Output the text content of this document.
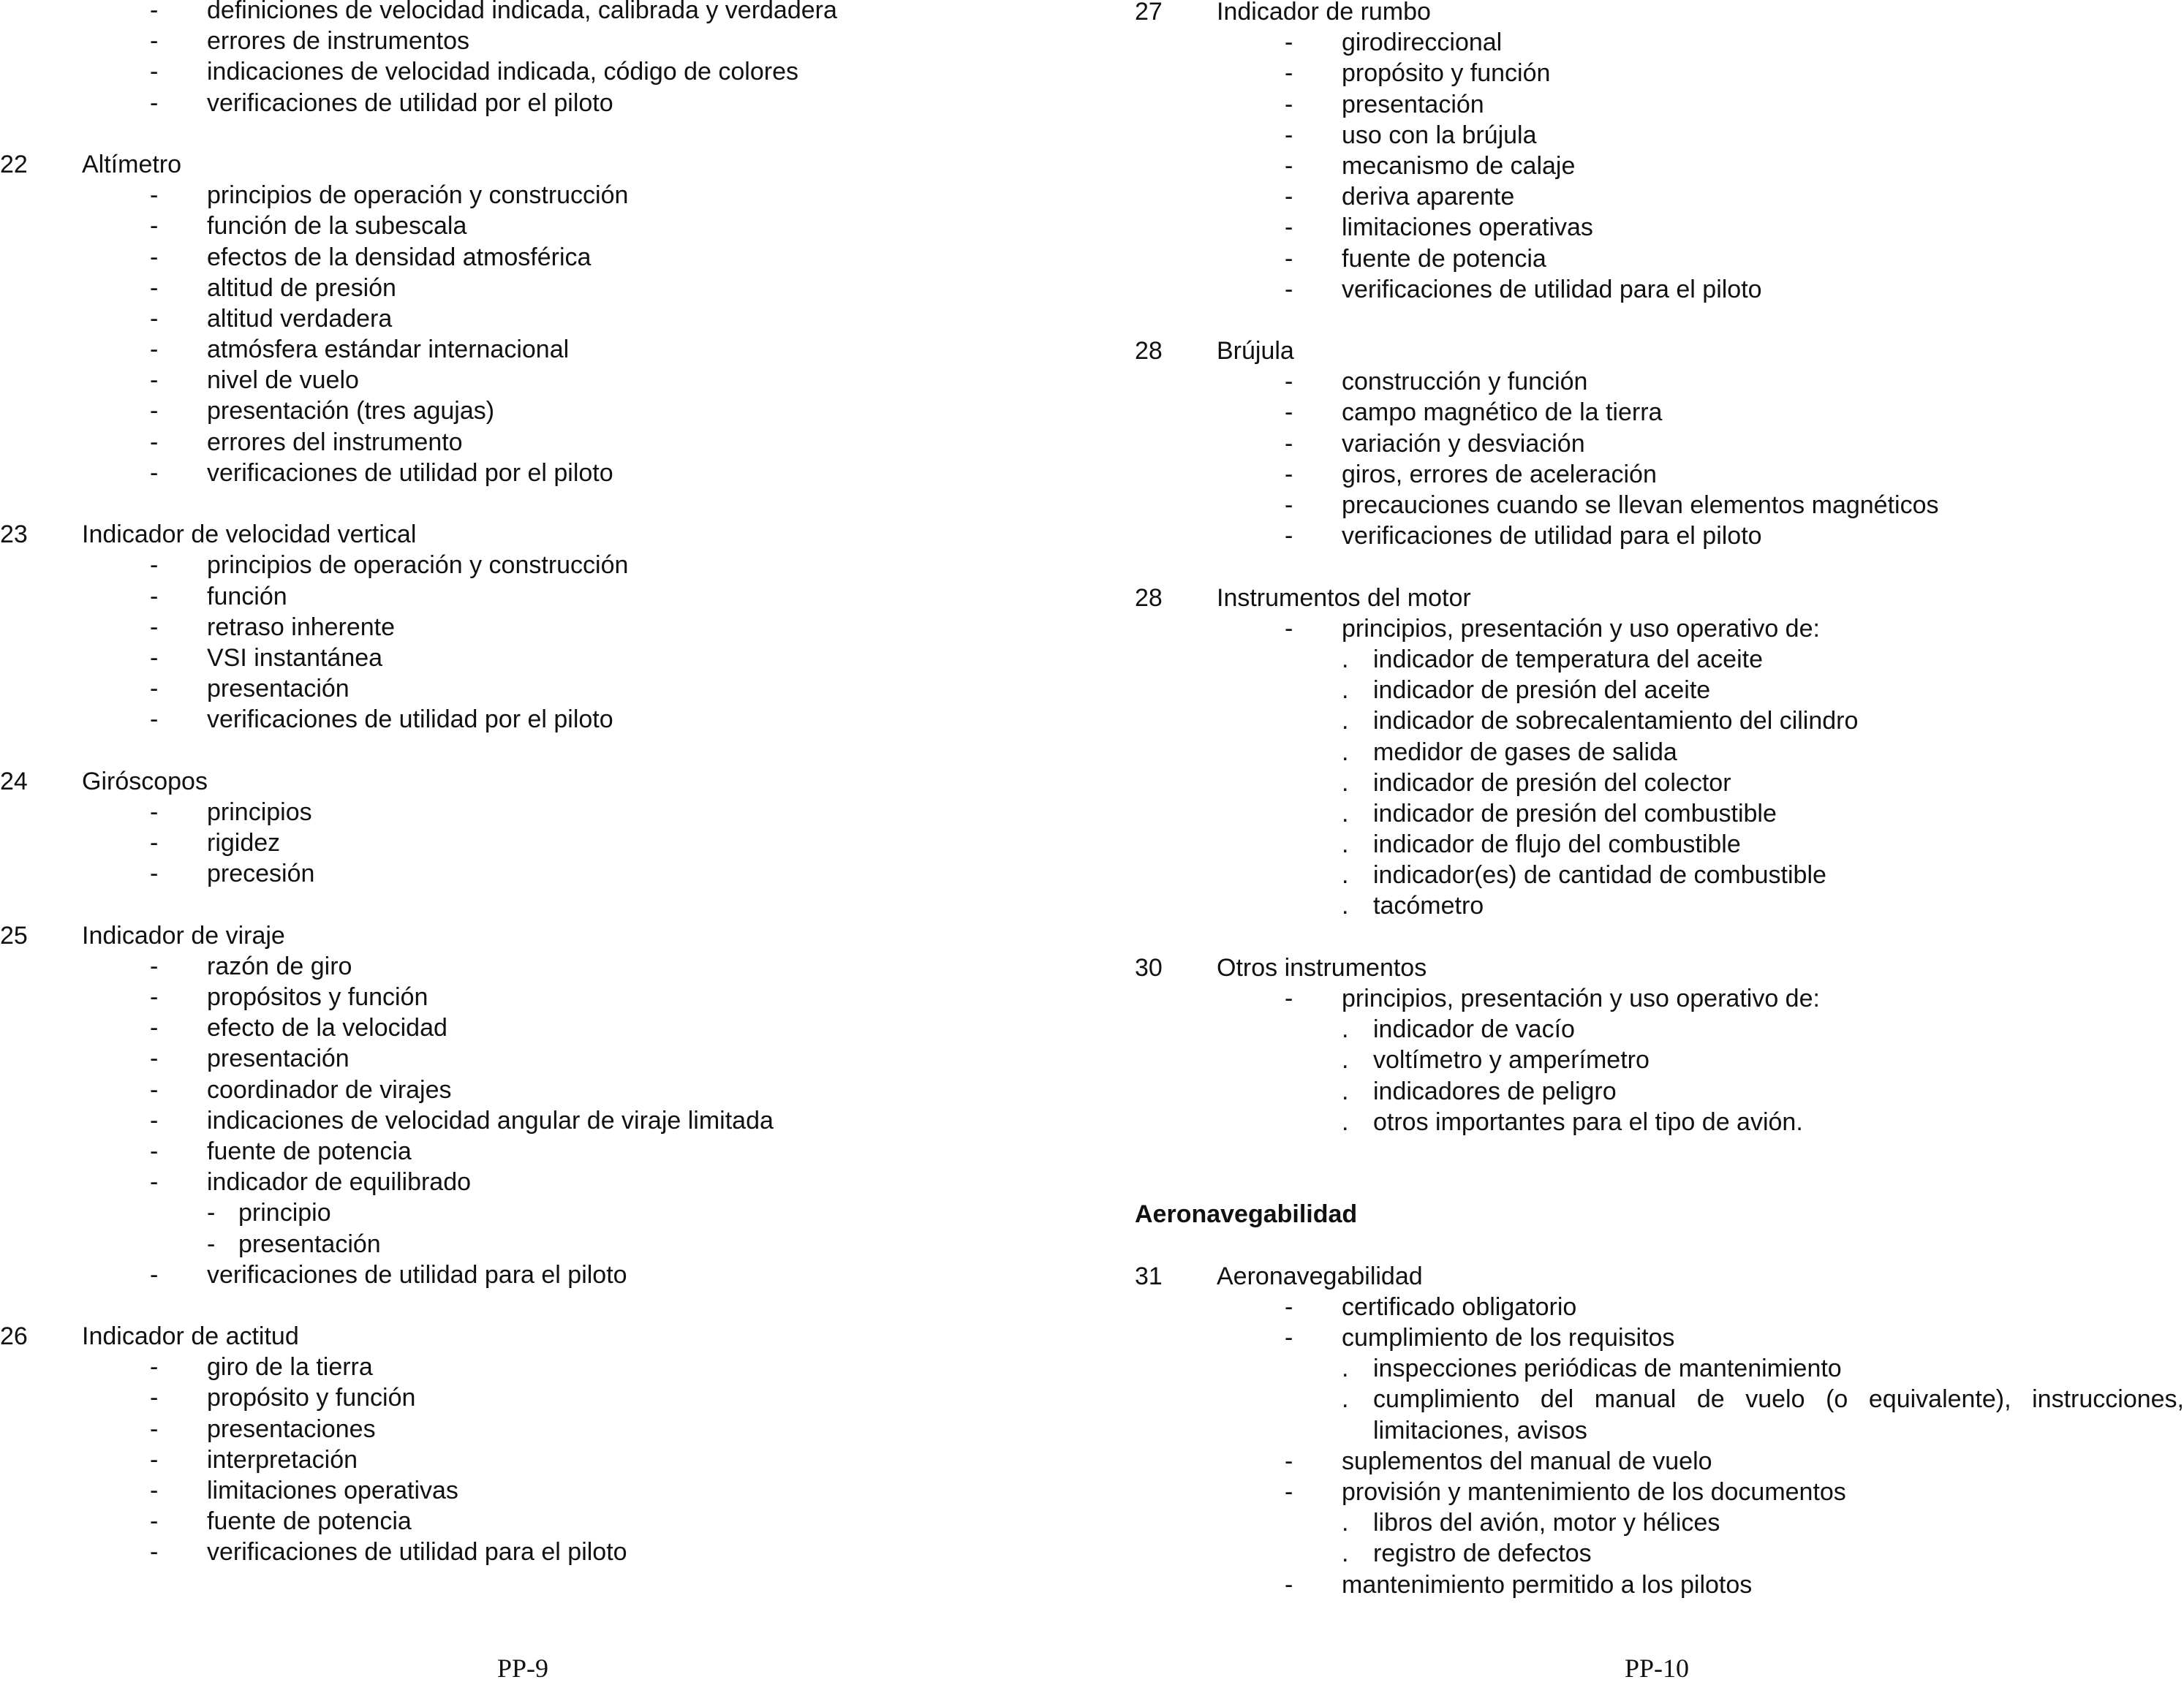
- definiciones de velocidad indicada, calibrada y verdadera
- errores de instrumentos
- indicaciones de velocidad indicada, código de colores
- verificaciones de utilidad por el piloto
22 Altímetro
- principios de operación y construcción
- función de la subescala
- efectos de la densidad atmosférica
- altitud de presión
- altitud verdadera
- atmósfera estándar internacional
- nivel de vuelo
- presentación (tres agujas)
- errores del instrumento
- verificaciones de utilidad por el piloto
23 Indicador de velocidad vertical
- principios de operación y construcción
- función
- retraso inherente
- VSI instantánea
- presentación
- verificaciones de utilidad por el piloto
24 Giróscopos
- principios
- rigidez
- precesión
25 Indicador de viraje
- razón de giro
- propósitos y función
- efecto de la velocidad
- presentación
- coordinador de virajes
- indicaciones de velocidad angular de viraje limitada
- fuente de potencia
- indicador de equilibrado
- principio
- presentación
- verificaciones de utilidad para el piloto
26 Indicador de actitud
- giro de la tierra
- propósito y función
- presentaciones
- interpretación
- limitaciones operativas
- fuente de potencia
- verificaciones de utilidad para el piloto
27 Indicador de rumbo
- girodireccional
- propósito y función
- presentación
- uso con la brújula
- mecanismo de calaje
- deriva aparente
- limitaciones operativas
- fuente de potencia
- verificaciones de utilidad para el piloto
28 Brújula
- construcción y función
- campo magnético de la tierra
- variación y desviación
- giros, errores de aceleración
- precauciones cuando se llevan elementos magnéticos
- verificaciones de utilidad para el piloto
28 Instrumentos del motor
- principios, presentación y uso operativo de:
. indicador de temperatura del aceite
. indicador de presión del aceite
. indicador de sobrecalentamiento del cilindro
. medidor de gases de salida
. indicador de presión del colector
. indicador de presión del combustible
. indicador de flujo del combustible
. indicador(es) de cantidad de combustible
. tacómetro
30 Otros instrumentos
- principios, presentación y uso operativo de:
. indicador de vacío
. voltímetro y amperímetro
. indicadores de peligro
. otros importantes para el tipo de avión.
Aeronavegabilidad
31 Aeronavegabilidad
- certificado obligatorio
- cumplimiento de los requisitos
. inspecciones periódicas de mantenimiento
. cumplimiento del manual de vuelo (o equivalente), instrucciones,
limitaciones, avisos
- suplementos del manual de vuelo
- provisión y mantenimiento de los documentos
. libros del avión, motor y hélices
. registro de defectos
- mantenimiento permitido a los pilotos
PP-9	PP-10
